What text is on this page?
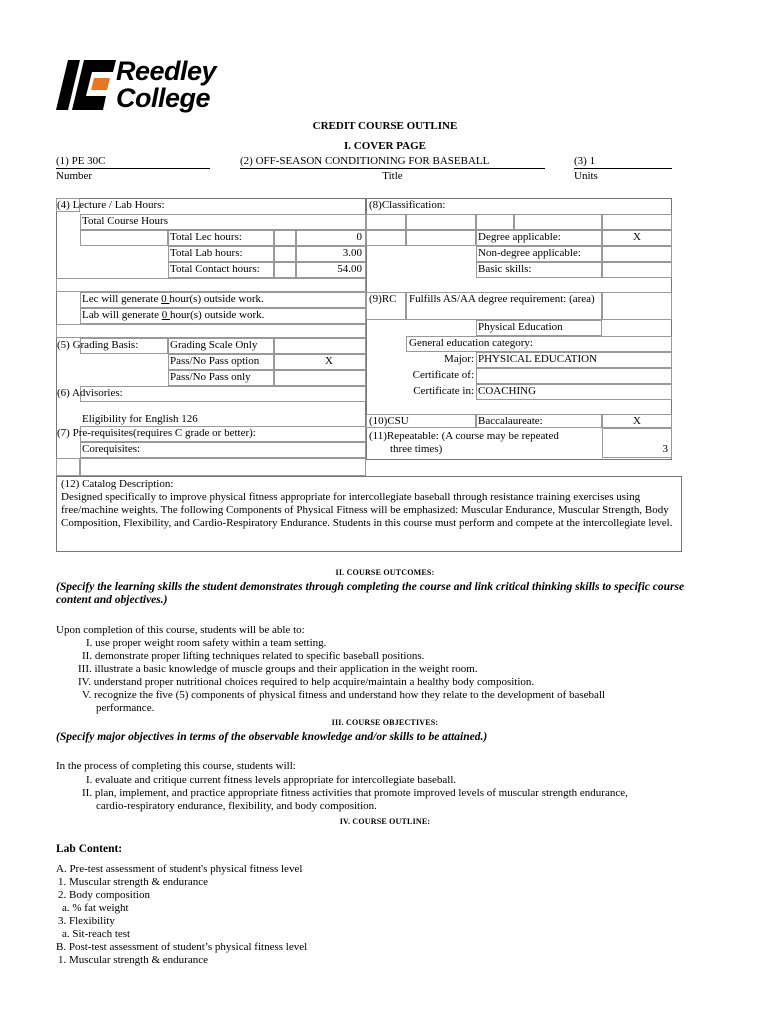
Reedley
College
CREDIT COURSE OUTLINE
I. COVER PAGE
(1) PE 30C
Number
(2) OFF-SEASON CONDITIONING FOR BASEBALL
Title
(3) 1
Units
(4) Lecture / Lab Hours:
Total Course Hours
Total Lec hours:	0
Total Lab hours:	3.00
Total Contact hours:	54.00
Lec will generate 0 hour(s) outside work.
Lab will generate 0 hour(s) outside work.
(5) Grading Basis:	Grading Scale Only
Pass/No Pass option	X
Pass/No Pass only
(6) Advisories:
Eligibility for English 126
(7) Pre-requisites(requires C grade or better):
Corequisites:
(8)Classification:
Degree applicable:	X
Non-degree applicable:
Basic skills:
(9)RC Fulfills AS/AA degree requirement: (area)
Physical Education
General education category:
Major: PHYSICAL EDUCATION
Certificate of:
Certificate in: COACHING
(10)CSU	Baccalaureate:	X
(11)Repeatable: (A course may be repeated
three times)	3
(12) Catalog Description:
Designed specifically to improve physical fitness appropriate for intercollegiate baseball through resistance training exercises using free/machine weights. The following Components of Physical Fitness will be emphasized: Muscular Endurance, Muscular Strength, Body Composition, Flexibility, and Cardio-Respiratory Endurance. Students in this course must perform and compete at the intercollegiate level.
II. COURSE OUTCOMES:
(Specify the learning skills the student demonstrates through completing the course and link critical thinking skills to specific course content and objectives.)
Upon completion of this course, students will be able to:
I. use proper weight room safety within a team setting.
II. demonstrate proper lifting techniques related to specific baseball positions.
III. illustrate a basic knowledge of muscle groups and their application in the weight room.
IV. understand proper nutritional choices required to help acquire/maintain a healthy body composition.
V. recognize the five (5) components of physical fitness and understand how they relate to the development of baseball
performance.
III. COURSE OBJECTIVES:
(Specify major objectives in terms of the observable knowledge and/or skills to be attained.)
In the process of completing this course, students will:
I. evaluate and critique current fitness levels appropriate for intercollegiate baseball.
II. plan, implement, and practice appropriate fitness activities that promote improved levels of muscular strength endurance,
cardio-respiratory endurance, flexibility, and body composition.
IV. COURSE OUTLINE:
Lab Content:
A. Pre-test assessment of student's physical fitness level
1. Muscular strength & endurance
2. Body composition
a. % fat weight
3. Flexibility
a. Sit-reach test
B. Post-test assessment of student’s physical fitness level
1. Muscular strength & endurance
